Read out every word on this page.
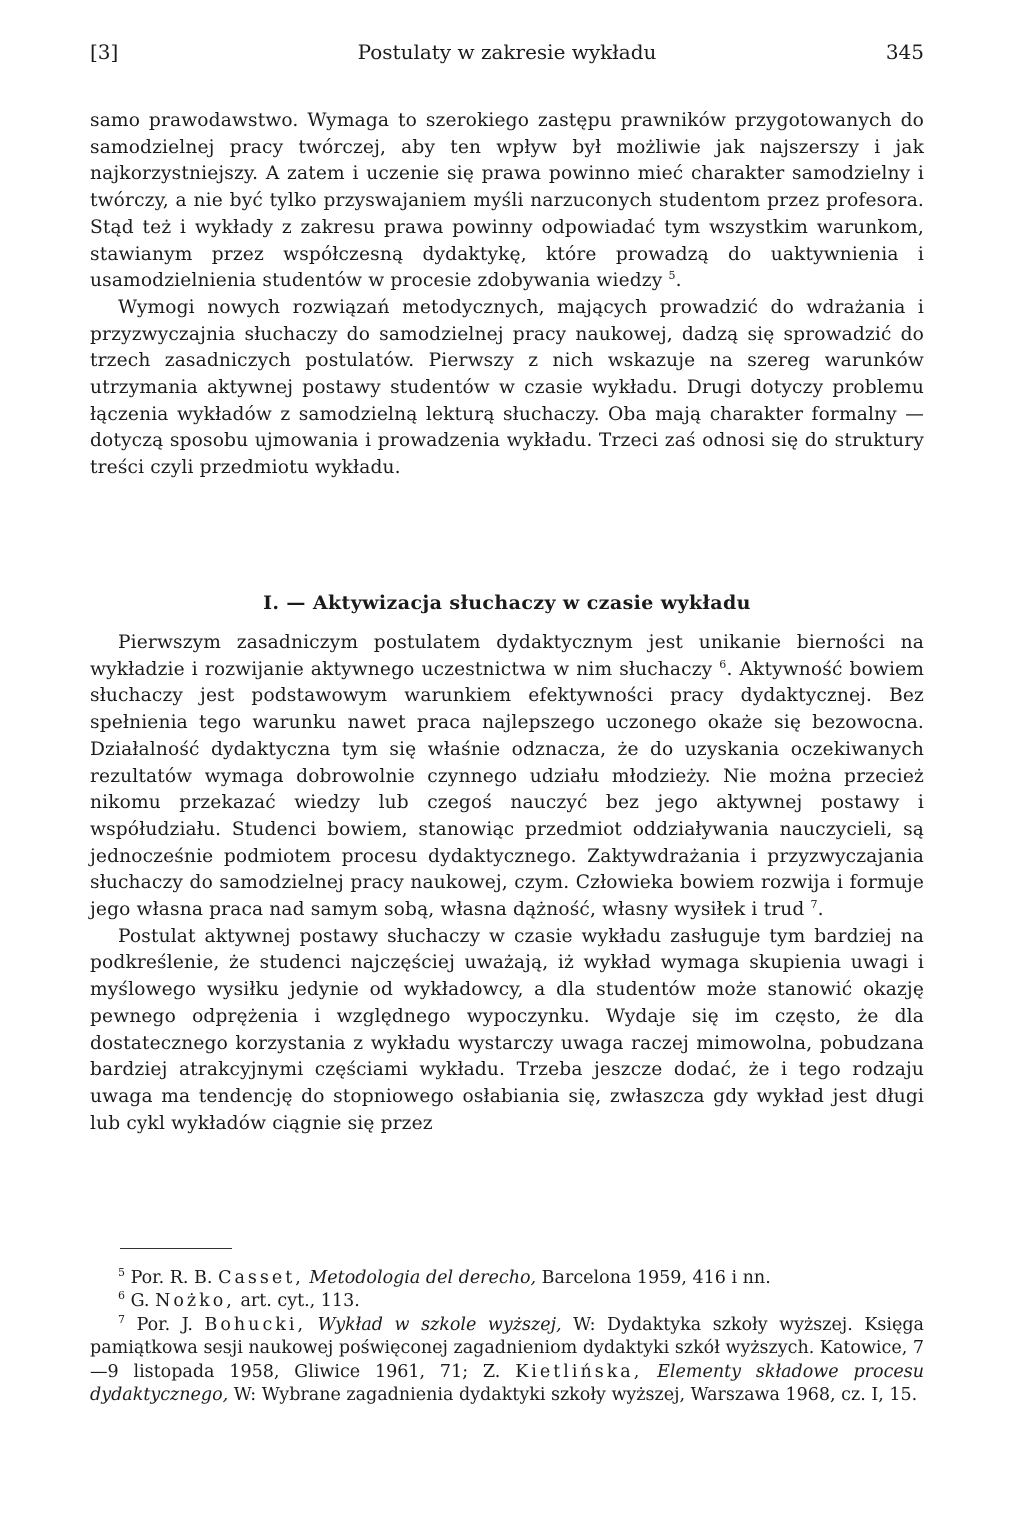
[3]	Postulaty w zakresie wykładu	345

samo prawodawstwo. Wymaga to szerokiego zastępu prawników przygotowanych do samodzielnej pracy twórczej, aby ten wpływ był możliwie jak najszerszy i jak najkorzystniejszy. A zatem i uczenie się prawa powinno mieć charakter samodzielny i twórczy, a nie być tylko przyswajaniem myśli narzuconych studentom przez profesora. Stąd też i wykłady z zakresu prawa powinny odpowiadać tym wszystkim warunkom, stawianym przez współczesną dydaktykę, które prowadzą do uaktywnienia i usamodzielnienia studentów w procesie zdobywania wiedzy $^5$.

Wymogi nowych rozwiązań metodycznych, mających prowadzić do wdrażania i przyzwyczajnia słuchaczy do samodzielnej pracy naukowej, dadzą się sprowadzić do trzech zasadniczych postulatów. Pierwszy z nich wskazuje na szereg warunków utrzymania aktywnej postawy studentów w czasie wykładu. Drugi dotyczy problemu łączenia wykładów z samodzielną lekturą słuchaczy. Oba mają charakter formalny — dotyczą sposobu ujmowania i prowadzenia wykładu. Trzeci zaś odnosi się do struktury treści czyli przedmiotu wykładu.

I. — Aktywizacja słuchaczy w czasie wykładu

Pierwszym zasadniczym postulatem dydaktycznym jest unikanie bierności na wykładzie i rozwijanie aktywnego uczestnictwa w nim słuchaczy $^6$. Aktywność bowiem słuchaczy jest podstawowym warunkiem efektywności pracy dydaktycznej. Bez spełnienia tego warunku nawet praca najlepszego uczonego okaże się bezowocna. Działalność dydaktyczna tym się właśnie odznacza, że do uzyskania oczekiwanych rezultatów wymaga dobrowolnie czynnego udziału młodzieży. Nie można przecież nikomu przekazać wiedzy lub czegoś nauczyć bez jego aktywnej postawy i współudziału. Studenci bowiem, stanowiąc przedmiot oddziaływania nauczycieli, są jednocześnie podmiotem procesu dydaktycznego. Zaktywdrażania i przyzwyczajania słuchaczy do samodzielnej pracy naukowej, czym. Człowieka bowiem rozwija i formuje jego własna praca nad samym sobą, własna dążność, własny wysiłek i trud $^7$.

Postulat aktywnej postawy słuchaczy w czasie wykładu zasługuje tym bardziej na podkreślenie, że studenci najczęściej uważają, iż wykład wymaga skupienia uwagi i myślowego wysiłku jedynie od wykładowcy, a dla studentów może stanowić okazję pewnego odprężenia i względnego wypoczynku. Wydaje się im często, że dla dostatecznego korzystania z wykładu wystarczy uwaga raczej mimowolna, pobudzana bardziej atrakcyjnymi częściami wykładu. Trzeba jeszcze dodać, że i tego rodzaju uwaga ma tendencję do stopniowego osłabiania się, zwłaszcza gdy wykład jest długi lub cykl wykładów ciągnie się przez

$^5$ Por. R. B. Casset, Metodologia del derecho, Barcelona 1959, 416 i nn.

$^6$ G. Nożko, art. cyt., 113.

$^7$ Por. J. Bohucki, Wykład w szkole wyższej, W: Dydaktyka szkoły wyższej. Księga pamiątkowa sesji naukowej poświęconej zagadnieniom dydaktyki szkół wyższych. Katowice, 7—9 listopada 1958, Gliwice 1961, 71; Z. Kietlińska, Elementy składowe procesu dydaktycznego, W: Wybrane zagadnienia dydaktyki szkoły wyższej, Warszawa 1968, cz. I, 15.
